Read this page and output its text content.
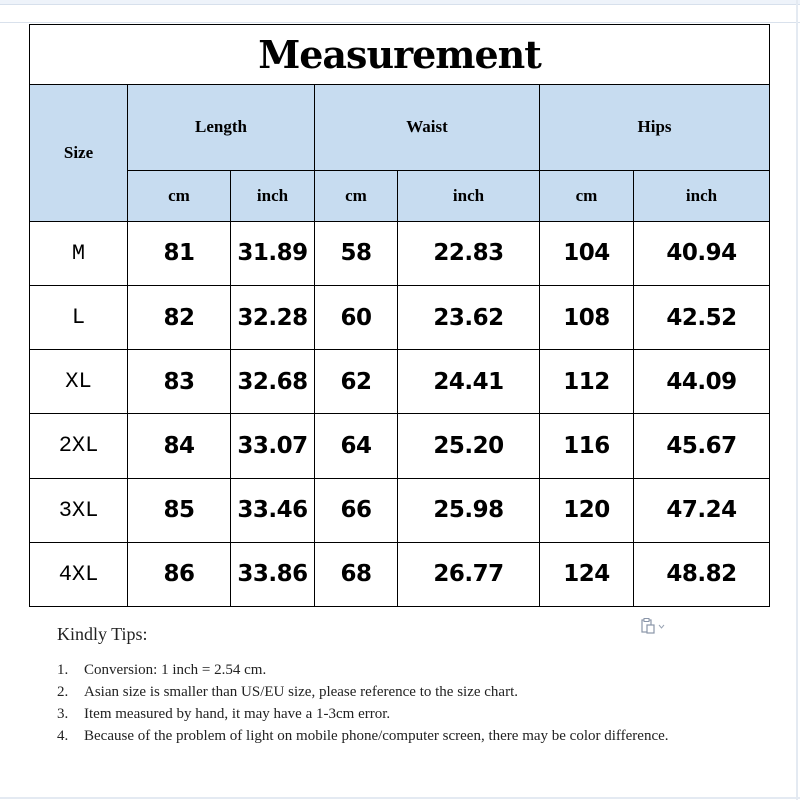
Measurement						
Size	Length		Waist		Hips	
	cm	inch	cm	inch	cm	inch
M	81	31.89	58	22.83	104	40.94
L	82	32.28	60	23.62	108	42.52
XL	83	32.68	62	24.41	112	44.09
2XL	84	33.07	64	25.20	116	45.67
3XL	85	33.46	66	25.98	120	47.24
4XL	86	33.86	68	26.77	124	48.82
Kindly Tips:
1. Conversion: 1 inch = 2.54 cm.
2. Asian size is smaller than US/EU size, please reference to the size chart.
3. Item measured by hand, it may have a 1-3cm error.
4. Because of the problem of light on mobile phone/computer screen, there may be color difference.
